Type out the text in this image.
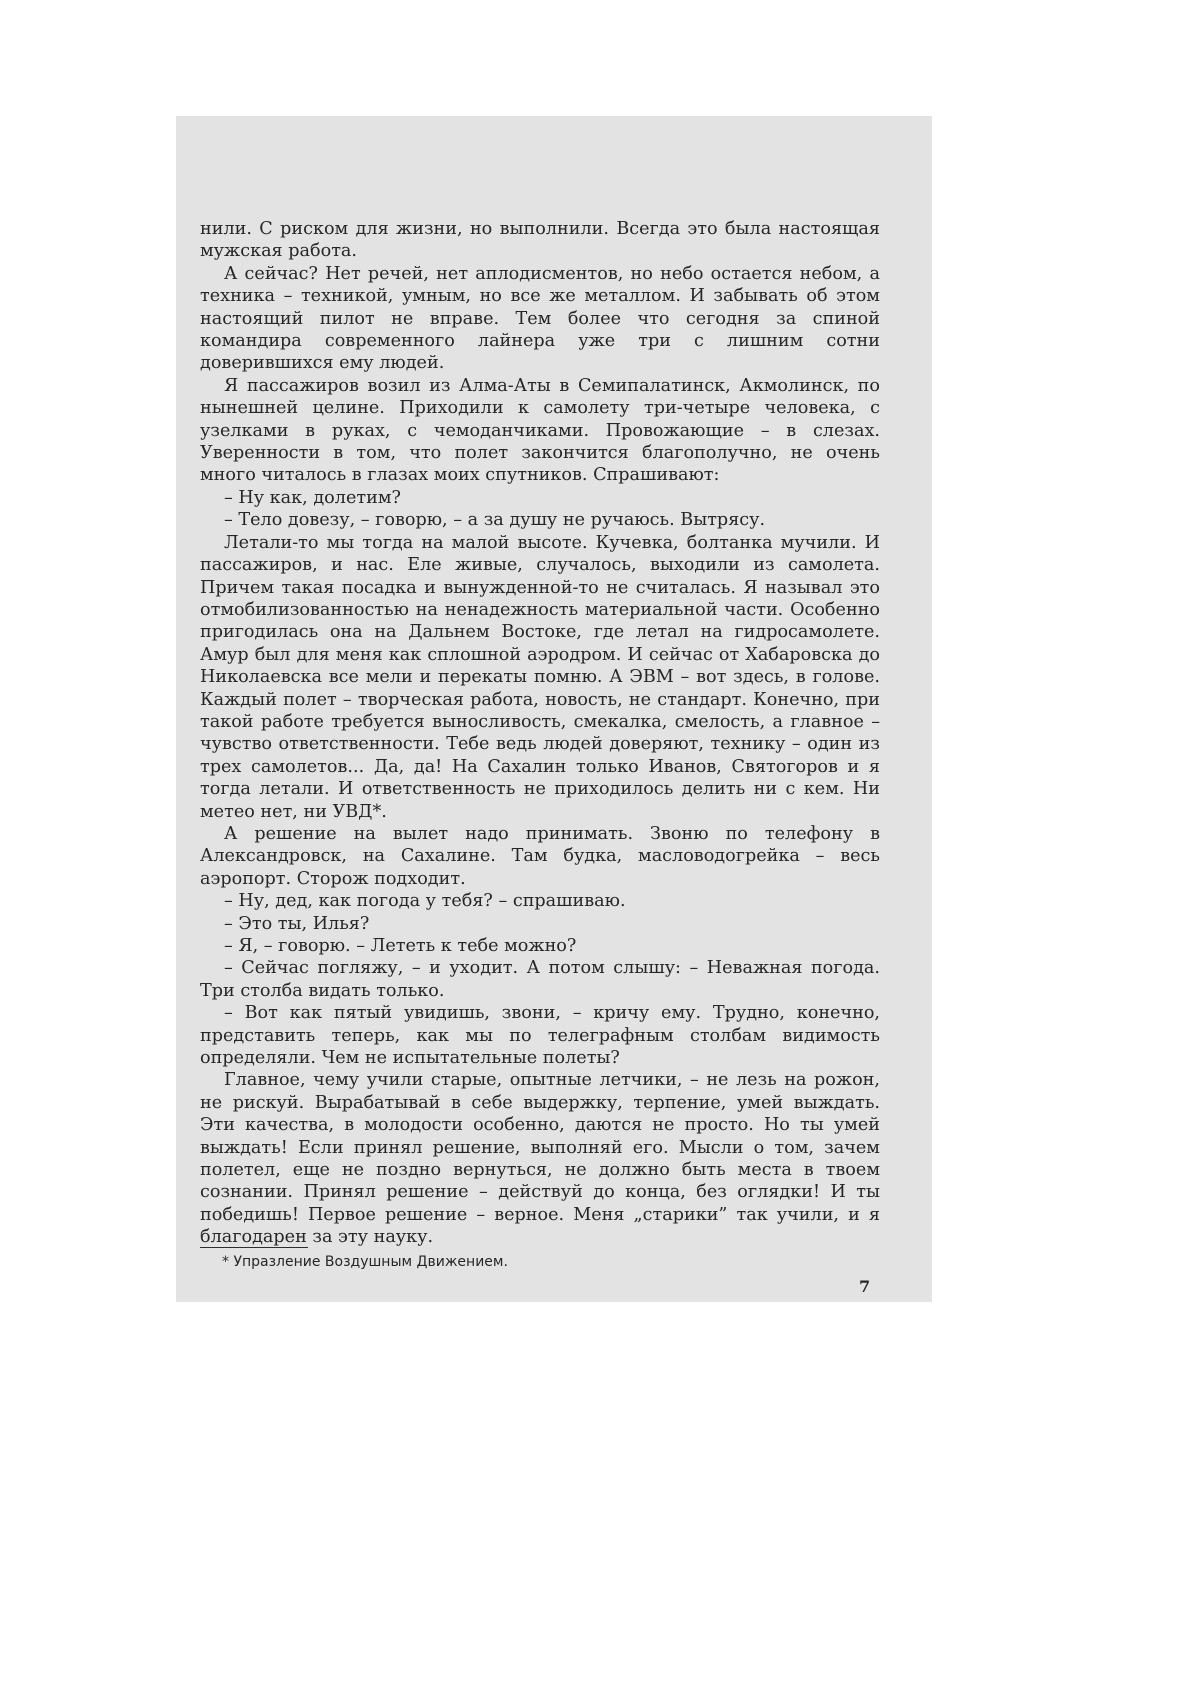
нили. С риском для жизни, но выполнили. Всегда это была настоящая мужская работа.

А сейчас? Нет речей, нет аплодисментов, но небо остается небом, а техника – техникой, умным, но все же металлом. И забывать об этом настоящий пилот не вправе. Тем более что сегодня за спиной командира современного лайнера уже три с лишним сотни доверившихся ему людей.

Я пассажиров возил из Алма-Аты в Семипалатинск, Акмолинск, по нынешней целине. Приходили к самолету три-четыре человека, с узелками в руках, с чемоданчиками. Провожающие – в слезах. Уверенности в том, что полет закончится благополучно, не очень много читалось в глазах моих спутников. Спрашивают:

– Ну как, долетим?

– Тело довезу, – говорю, – а за душу не ручаюсь. Вытрясу.

Летали-то мы тогда на малой высоте. Кучевка, болтанка мучили. И пассажиров, и нас. Еле живые, случалось, выходили из самолета. Причем такая посадка и вынужденной-то не считалась. Я называл это отмобилизованностью на ненадежность материальной части. Особенно пригодилась она на Дальнем Востоке, где летал на гидросамолете. Амур был для меня как сплошной аэродром. И сейчас от Хабаровска до Николаевска все мели и перекаты помню. А ЭВМ – вот здесь, в голове. Каждый полет – творческая работа, новость, не стандарт. Конечно, при такой работе требуется выносливость, смекалка, смелость, а главное – чувство ответственности. Тебе ведь людей доверяют, технику – один из трех самолетов... Да, да! На Сахалин только Иванов, Святогоров и я тогда летали. И ответственность не приходилось делить ни с кем. Ни метео нет, ни УВД*.

А решение на вылет надо принимать. Звоню по телефону в Александровск, на Сахалине. Там будка, масловодогрейка – весь аэропорт. Сторож подходит.

– Ну, дед, как погода у тебя? – спрашиваю.

– Это ты, Илья?

– Я, – говорю. – Лететь к тебе можно?

– Сейчас погляжу, – и уходит. А потом слышу: – Неважная погода. Три столба видать только.

– Вот как пятый увидишь, звони, – кричу ему. Трудно, конечно, представить теперь, как мы по телеграфным столбам видимость определяли. Чем не испытательные полеты?

Главное, чему учили старые, опытные летчики, – не лезь на рожон, не рискуй. Вырабатывай в себе выдержку, терпение, умей выждать. Эти качества, в молодости особенно, даются не просто. Но ты умей выждать! Если принял решение, выполняй его. Мысли о том, зачем полетел, еще не поздно вернуться, не должно быть места в твоем сознании. Принял решение – действуй до конца, без оглядки! И ты победишь! Первое решение – верное. Меня „старики” так учили, и я благодарен за эту науку.

* Упразление Воздушным Движением.
7
